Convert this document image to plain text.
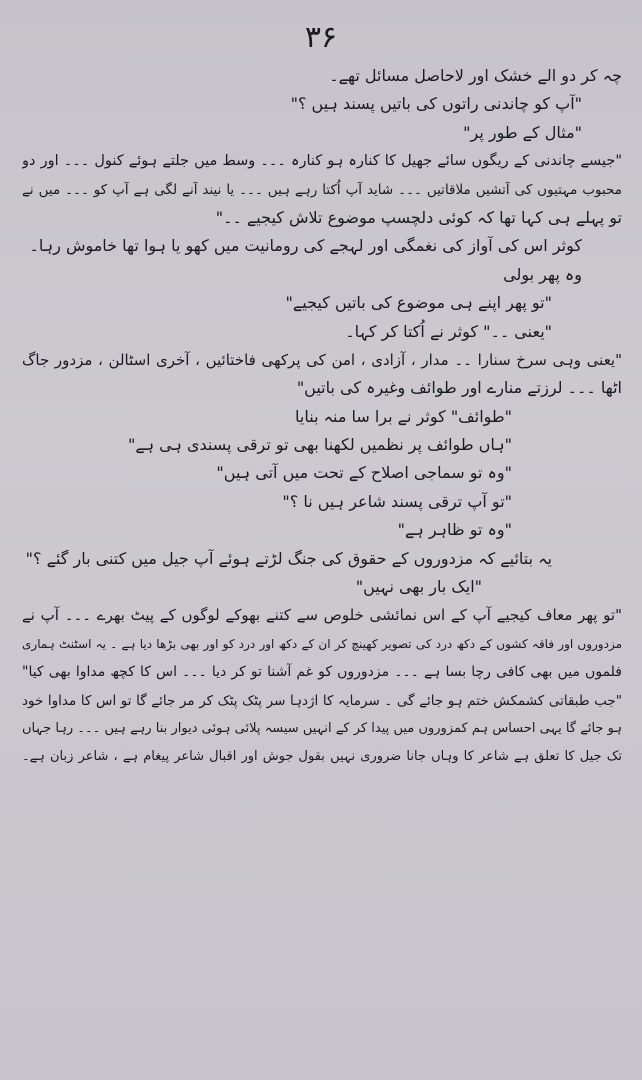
۳۶
چہ کر دو الے خشک اور لاحاصل مسائل تھے۔
"آپ کو چاندنی راتوں کی باتیں پسند ہیں ؟"
"مثال کے طور پر"
"جیسے چاندنی کے ریگوں سائے جھیل کا کنارہ ہو کنارہ ۔۔۔ وسط میں جلتے ہوئے کنول ۔۔۔ اور دو
محبوب مہتیوں کی آتشیں ملاقاتیں ۔۔۔ شاید آپ اُکتا رہے ہیں ۔۔۔ یا نیند آنے لگی ہے آپ کو ۔۔۔ میں نے
تو پہلے ہی کہا تھا کہ کوئی دلچسپ موضوع تلاش کیجیے ۔۔"
کوثر اس کی آواز کی نغمگی اور لہجے کی رومانیت میں کھو یا ہوا تھا خاموش رہا۔
وہ پھر بولی
"تو پھر اپنے ہی موضوع کی باتیں کیجیے"
"یعنی ۔۔" کوثر نے اُکتا کر کہا۔
"یعنی وہی سرخ سنارا ۔۔ مدار ، آزادی ، امن کی پرکھی فاختائیں ، آخری اسٹالن ، مزدور جاگ
اٹھا ۔۔۔ لرزتے منارے اور طوائف وغیرہ کی باتیں"
"طوائف" کوثر نے برا سا منہ بنایا
"ہاں طوائف پر نظمیں لکھنا بھی تو ترقی پسندی ہی ہے"
"وہ تو سماجی اصلاح کے تحت میں آتی ہیں"
"تو آپ ترقی پسند شاعر ہیں نا ؟"
"وہ تو ظاہر ہے"
یہ بتائیے کہ مزدوروں کے حقوق کی جنگ لڑتے ہوئے آپ جیل میں کتنی بار گئے ؟"
"ایک بار بھی نہیں"
"تو پھر معاف کیجیے آپ کے اس نمائشی خلوص سے کتنے بھوکے لوگوں کے پیٹ بھرے ۔۔۔ آپ نے
مزدوروں اور فاقہ کشوں کے دکھ درد کی تصویر کھینچ کر ان کے دکھ اور درد کو اور بھی بڑھا دیا ہے ۔ یہ اسٹنٹ ہماری
فلموں میں بھی کافی رچا بسا ہے ۔۔۔ مزدوروں کو غم آشنا تو کر دیا ۔۔۔ اس کا کچھ مداوا بھی کیا"
"جب طبقاتی کشمکش ختم ہو جائے گی ۔ سرمایہ کا اژدہا سر پٹک پٹک کر مر جائے گا تو اس کا مداوا خود
ہو جائے گا یہی احساس ہم کمزوروں میں پیدا کر کے انہیں سیسہ پلائی ہوئی دیوار بنا رہے ہیں ۔۔۔ رہا جہاں
تک جیل کا تعلق ہے شاعر کا وہاں جانا ضروری نہیں بقول جوش اور اقبال شاعر پیغام ہے ، شاعر زبان ہے۔
